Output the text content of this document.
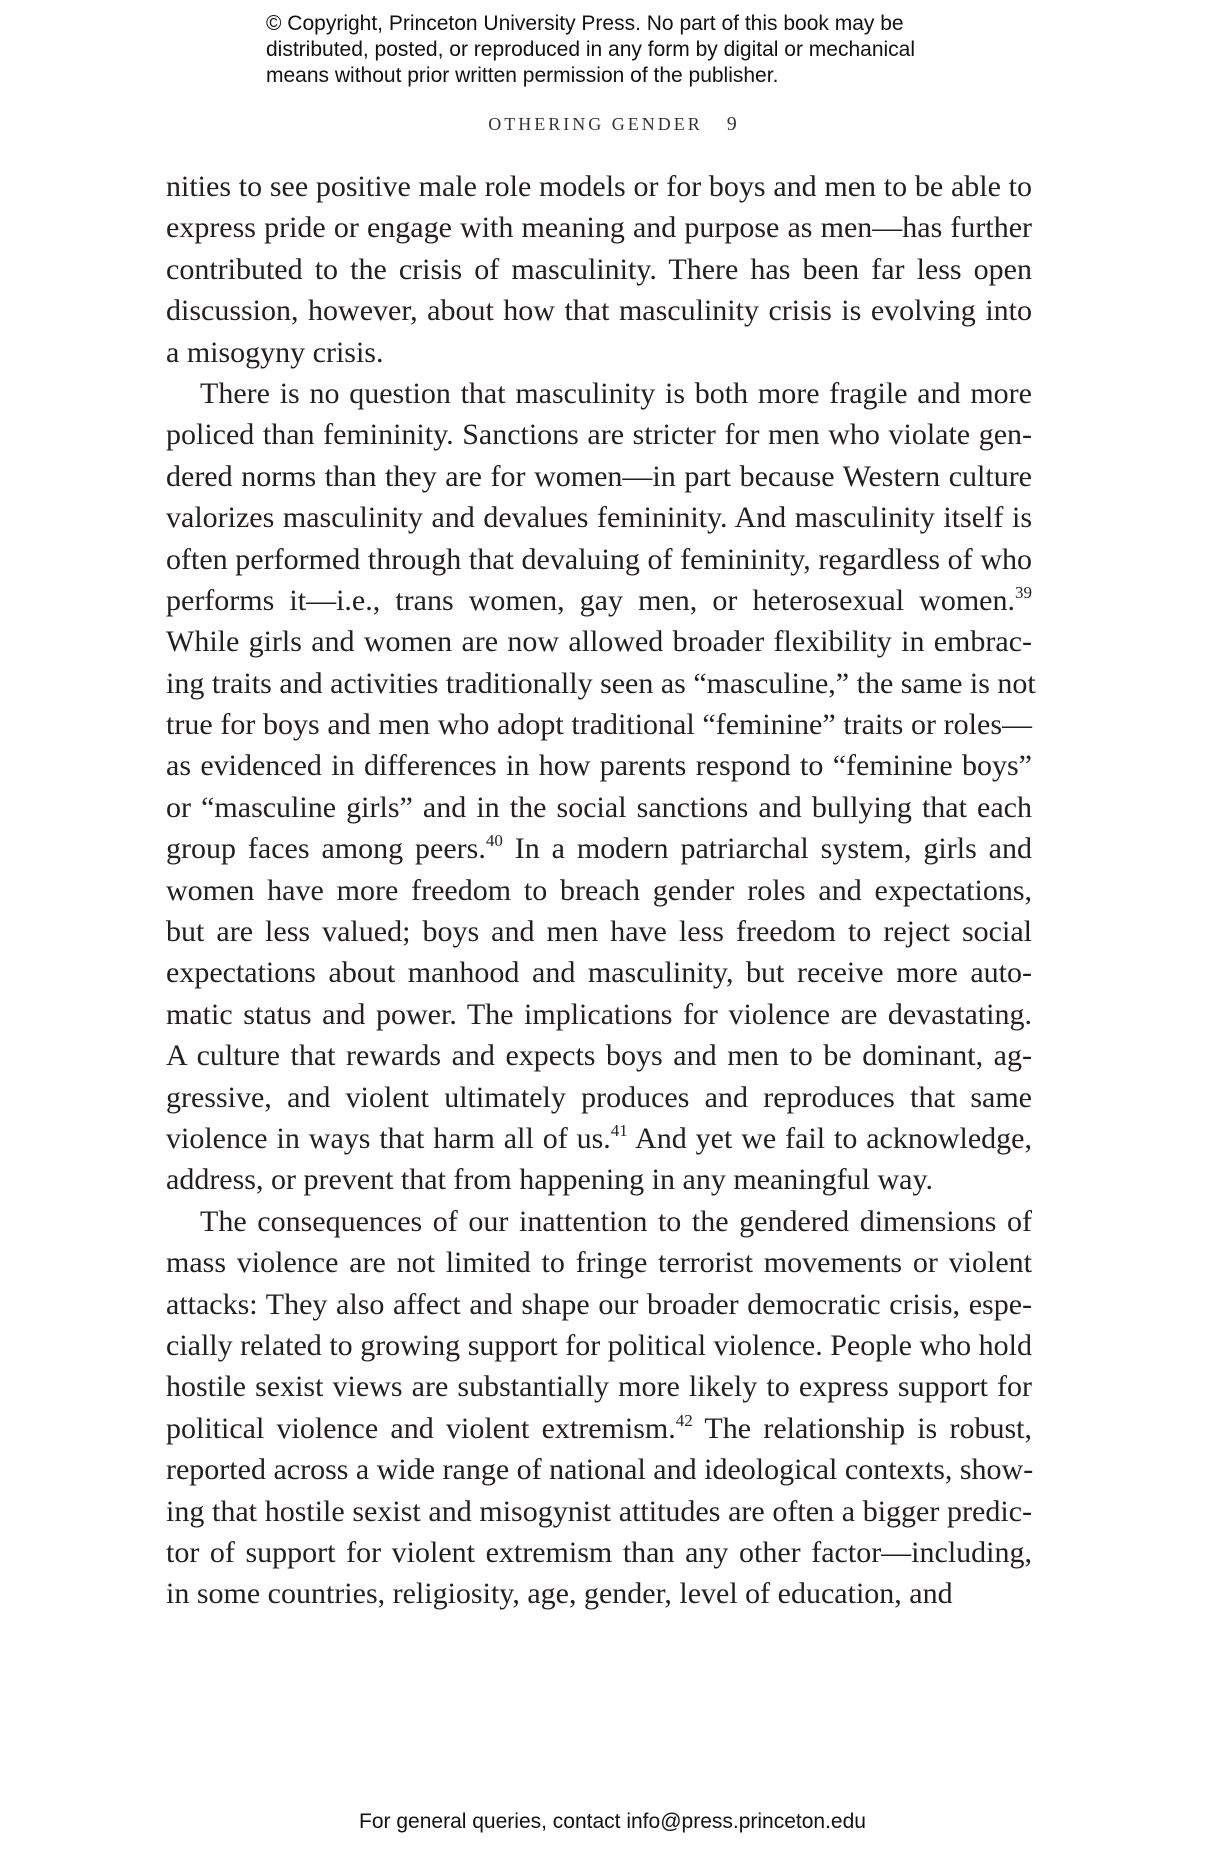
© Copyright, Princeton University Press. No part of this book may be
distributed, posted, or reproduced in any form by digital or mechanical
means without prior written permission of the publisher.
OTHERING GENDER 9
nities to see positive male role models or for boys and men to be able to
express pride or engage with meaning and purpose as men—has further
contributed to the crisis of masculinity. There has been far less open
discussion, however, about how that masculinity crisis is evolving into
a misogyny crisis.
There is no question that masculinity is both more fragile and more
policed than femininity. Sanctions are stricter for men who violate gen-
dered norms than they are for women—in part because Western culture
valorizes masculinity and devalues femininity. And masculinity itself is
often performed through that devaluing of femininity, regardless of who
performs it—i.e., trans women, gay men, or heterosexual women.$^{39}$
While girls and women are now allowed broader flexibility in embrac-
ing traits and activities traditionally seen as “masculine,” the same is not
true for boys and men who adopt traditional “feminine” traits or roles—
as evidenced in differences in how parents respond to “feminine boys”
or “masculine girls” and in the social sanctions and bullying that each
group faces among peers.$^{40}$ In a modern patriarchal system, girls and
women have more freedom to breach gender roles and expectations,
but are less valued; boys and men have less freedom to reject social
expectations about manhood and masculinity, but receive more auto-
matic status and power. The implications for violence are devastating.
A culture that rewards and expects boys and men to be dominant, ag-
gressive, and violent ultimately produces and reproduces that same
violence in ways that harm all of us.$^{41}$ And yet we fail to acknowledge,
address, or prevent that from happening in any meaningful way.
The consequences of our inattention to the gendered dimensions of
mass violence are not limited to fringe terrorist movements or violent
attacks: They also affect and shape our broader democratic crisis, espe-
cially related to growing support for political violence. People who hold
hostile sexist views are substantially more likely to express support for
political violence and violent extremism.$^{42}$ The relationship is robust,
reported across a wide range of national and ideological contexts, show-
ing that hostile sexist and misogynist attitudes are often a bigger predic-
tor of support for violent extremism than any other factor—including,
in some countries, religiosity, age, gender, level of education, and
For general queries, contact info@press.princeton.edu
